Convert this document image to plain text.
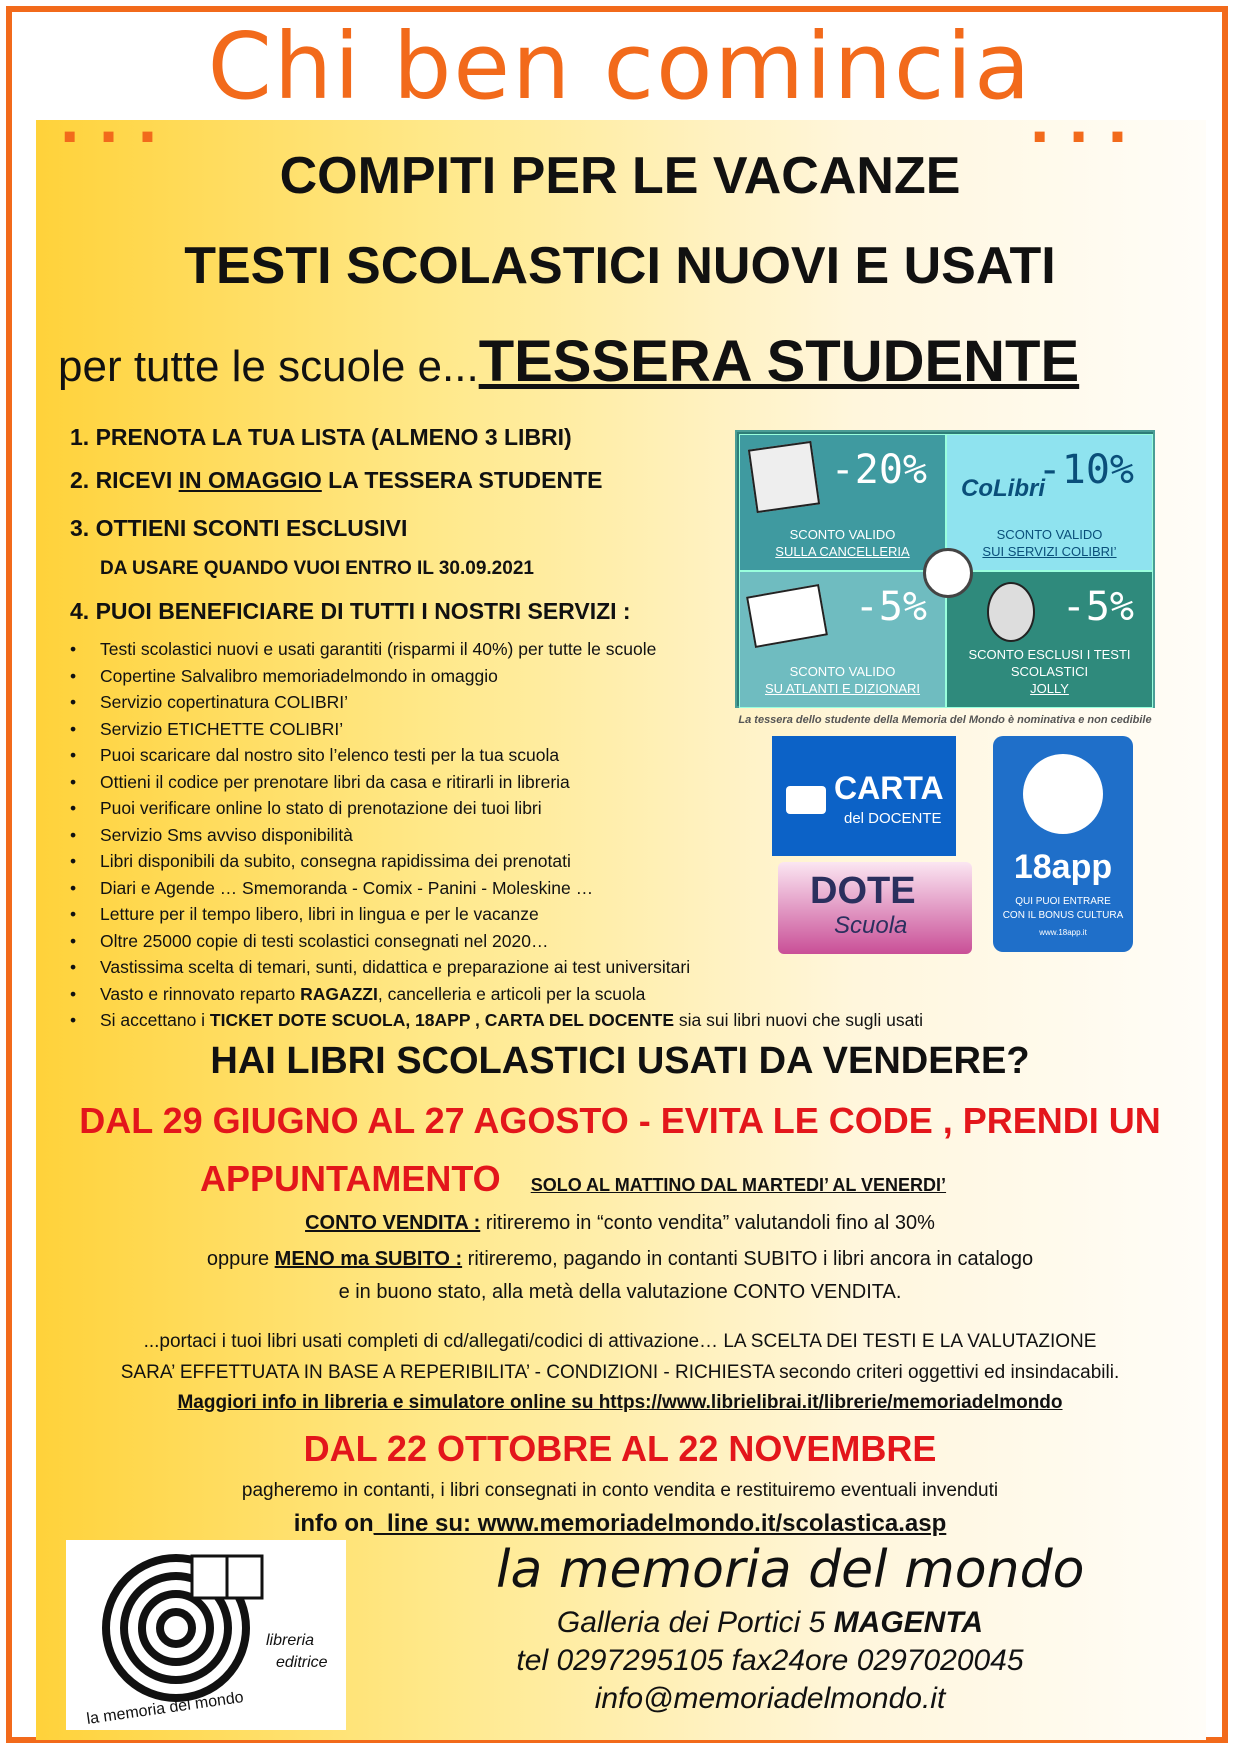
Chi ben comincia
. . .	. . .
COMPITI PER LE VACANZE
TESTI SCOLASTICI NUOVI E USATI
per tutte le scuole e...TESSERA STUDENTE
1. PRENOTA LA TUA LISTA (ALMENO 3 LIBRI)
2. RICEVI IN OMAGGIO LA TESSERA STUDENTE
3. OTTIENI SCONTI ESCLUSIVI
DA USARE QUANDO VUOI ENTRO IL 30.09.2021
4. PUOI BENEFICIARE DI TUTTI I NOSTRI SERVIZI :
• Testi scolastici nuovi e usati garantiti (risparmi il 40%) per tutte le scuole
• Copertine Salvalibro memoriadelmondo in omaggio
• Servizio copertinatura COLIBRI’
• Servizio ETICHETTE COLIBRI’
• Puoi scaricare dal nostro sito l’elenco testi per la tua scuola
• Ottieni il codice per prenotare libri da casa e ritirarli in libreria
• Puoi verificare online lo stato di prenotazione dei tuoi libri
• Servizio Sms avviso disponibilità
• Libri disponibili da subito, consegna rapidissima dei prenotati
• Diari e Agende … Smemoranda - Comix - Panini - Moleskine …
• Letture per il tempo libero, libri in lingua e per le vacanze
• Oltre 25000 copie di testi scolastici consegnati nel 2020…
• Vastissima scelta di temari, sunti, didattica e preparazione ai test universitari
• Vasto e rinnovato reparto RAGAZZI, cancelleria e articoli per la scuola
• Si accettano i TICKET DOTE SCUOLA, 18APP , CARTA DEL DOCENTE sia sui libri nuovi che sugli usati
-20%
SCONTO VALIDO
SULLA CANCELLERIA
CoLibri
-10%
SCONTO VALIDO
SUI SERVIZI COLIBRI’
-5%
SCONTO VALIDO
SU ATLANTI E DIZIONARI
-5%
SCONTO ESCLUSI I TESTI SCOLASTICI
JOLLY
La tessera dello studente della Memoria del Mondo è nominativa e non cedibile
CARTA
del DOCENTE
DOTE
Scuola
18app
QUI PUOI ENTRARE
CON IL BONUS CULTURA
www.18app.it
HAI LIBRI SCOLASTICI USATI DA VENDERE?
DAL 29 GIUGNO AL 27 AGOSTO - EVITA LE CODE , PRENDI UN
APPUNTAMENTO SOLO AL MATTINO DAL MARTEDI’ AL VENERDI’
CONTO VENDITA : ritireremo in “conto vendita” valutandoli fino al 30%
oppure MENO ma SUBITO : ritireremo, pagando in contanti SUBITO i libri ancora in catalogo
e in buono stato, alla metà della valutazione CONTO VENDITA.
...portaci i tuoi libri usati completi di cd/allegati/codici di attivazione… LA SCELTA DEI TESTI E LA VALUTAZIONE
SARA’ EFFETTUATA IN BASE A REPERIBILITA’ - CONDIZIONI - RICHIESTA secondo criteri oggettivi ed insindacabili.
Maggiori info in libreria e simulatore online su https://www.librielibrai.it/librerie/memoriadelmondo
DAL 22 OTTOBRE AL 22 NOVEMBRE
pagheremo in contanti, i libri consegnati in conto vendita e restituiremo eventuali invenduti
info on_line su: www.memoriadelmondo.it/scolastica.asp
la memoria del mondo
libreria
editrice
la memoria del mondo
Galleria dei Portici 5 MAGENTA
tel 0297295105 fax24ore 0297020045
info@memoriadelmondo.it
